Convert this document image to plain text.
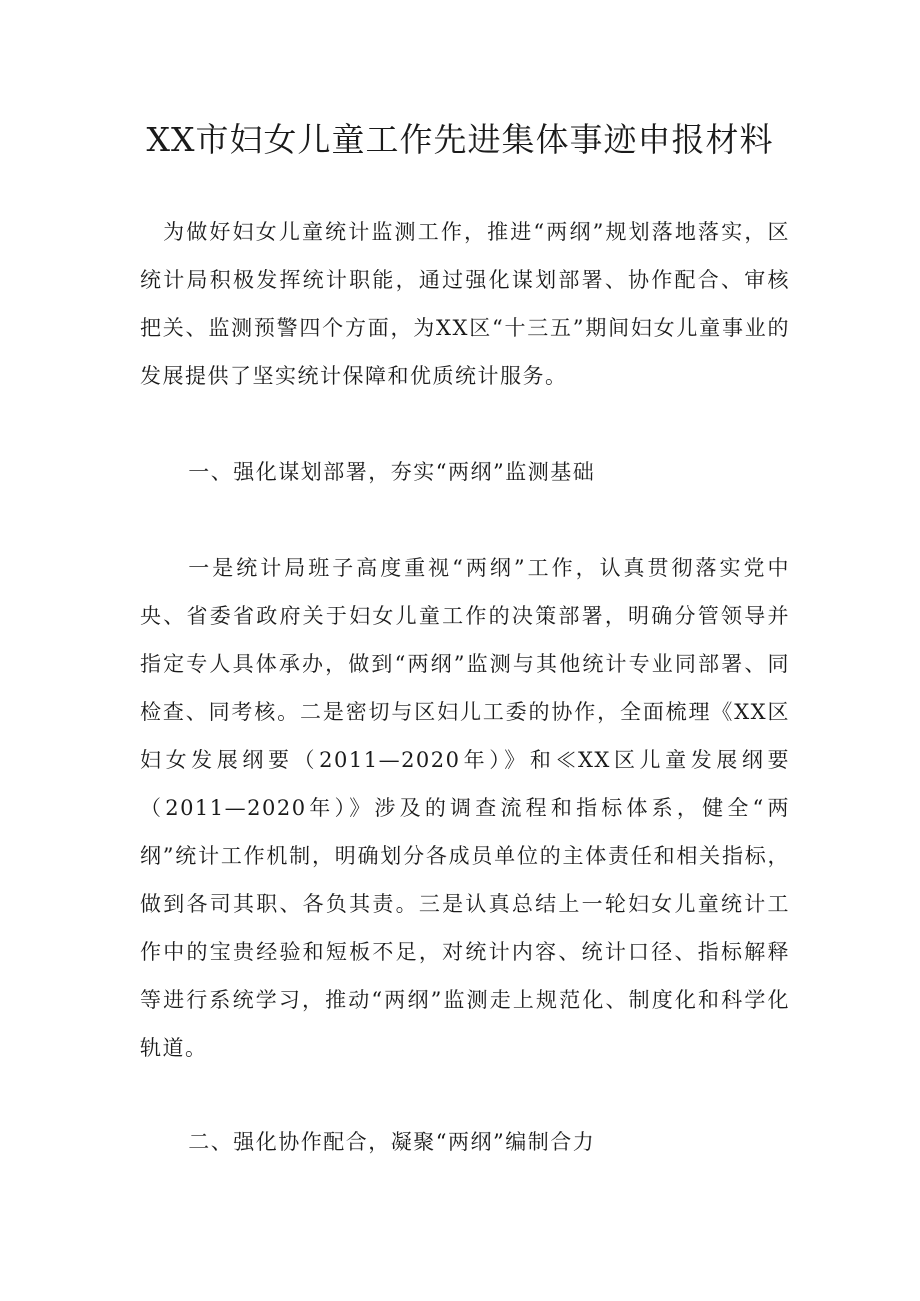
XX市妇女儿童工作先进集体事迹申报材料

为做好妇女儿童统计监测工作，推进“两纲”规划落地落实，区统计局积极发挥统计职能，通过强化谋划部署、协作配合、审核把关、监测预警四个方面，为XX区“十三五”期间妇女儿童事业的发展提供了坚实统计保障和优质统计服务。

一、强化谋划部署，夯实“两纲”监测基础

一是统计局班子高度重视“两纲”工作，认真贯彻落实党中央、省委省政府关于妇女儿童工作的决策部署，明确分管领导并指定专人具体承办，做到“两纲”监测与其他统计专业同部署、同检查、同考核。二是密切与区妇儿工委的协作，全面梳理《XX区妇女发展纲要（2011—2020年）》和≪XX区儿童发展纲要（2011—2020年）》涉及的调查流程和指标体系，健全“两纲”统计工作机制，明确划分各成员单位的主体责任和相关指标，做到各司其职、各负其责。三是认真总结上一轮妇女儿童统计工作中的宝贵经验和短板不足，对统计内容、统计口径、指标解释等进行系统学习，推动“两纲”监测走上规范化、制度化和科学化轨道。

二、强化协作配合，凝聚“两纲”编制合力
